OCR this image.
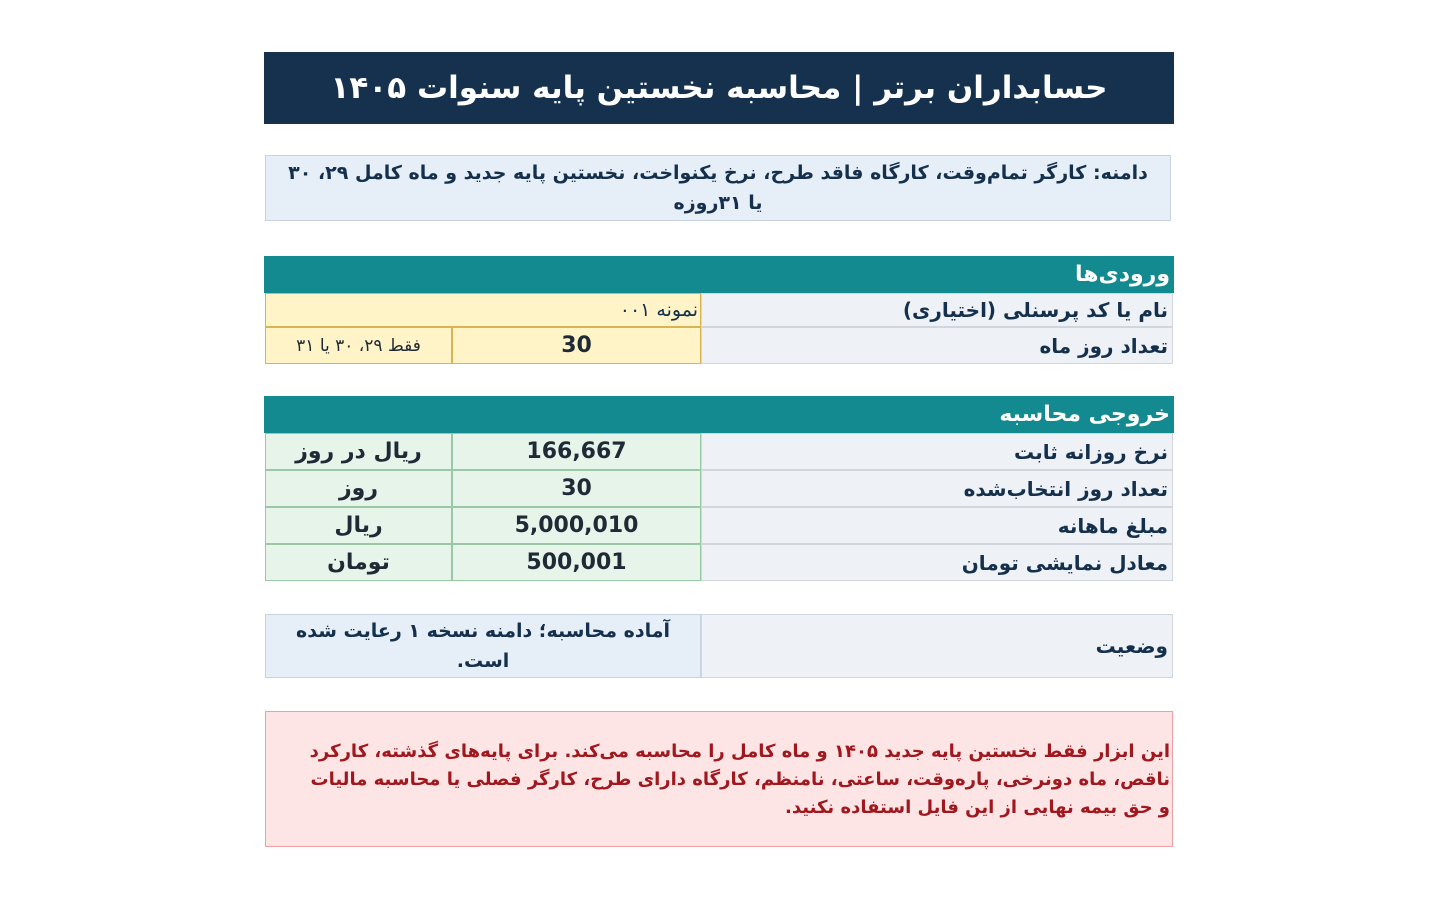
حسابداران برتر | محاسبه نخستین پایه سنوات ۱۴۰۵
دامنه: کارگر تمام‌وقت، کارگاه فاقد طرح، نرخ یکنواخت، نخستین پایه جدید و ماه کامل ۲۹، ۳۰ یا ۳۱روزه
ورودی‌ها
نام یا کد پرسنلی (اختیاری)
نمونه ۰۰۱
تعداد روز ماه
30
فقط ۲۹، ۳۰ یا ۳۱
خروجی محاسبه
نرخ روزانه ثابت
166,667
ریال در روز
تعداد روز انتخاب‌شده
30
روز
مبلغ ماهانه
5,000,010
ریال
معادل نمایشی تومان
500,001
تومان
وضعیت
آماده محاسبه؛ دامنه نسخه ۱ رعایت شده است.
این ابزار فقط نخستین پایه جدید ۱۴۰۵ و ماه کامل را محاسبه می‌کند. برای پایه‌های گذشته، کارکرد ناقص، ماه دونرخی، پاره‌وقت، ساعتی، نامنظم، کارگاه دارای طرح، کارگر فصلی یا محاسبه مالیات و حق بیمه نهایی از این فایل استفاده نکنید.
